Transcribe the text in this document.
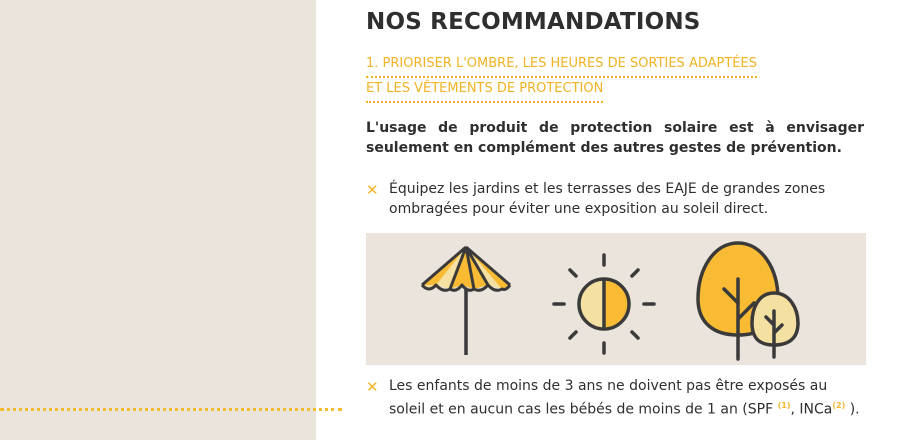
NOS RECOMMANDATIONS

1. PRIORISER L'OMBRE, LES HEURES DE SORTIES ADAPTÉES

ET LES VÊTEMENTS DE PROTECTION

L'usage de produit de protection solaire est à envisager seulement en complément des autres gestes de prévention.

✕ Équipez les jardins et les terrasses des EAJE de grandes zones ombragées pour éviter une exposition au soleil direct.
✕ Les enfants de moins de 3 ans ne doivent pas être exposés au soleil et en aucun cas les bébés de moins de 1 an (SPF $^{(1)}$, INCa$^{(2)}$ ).
